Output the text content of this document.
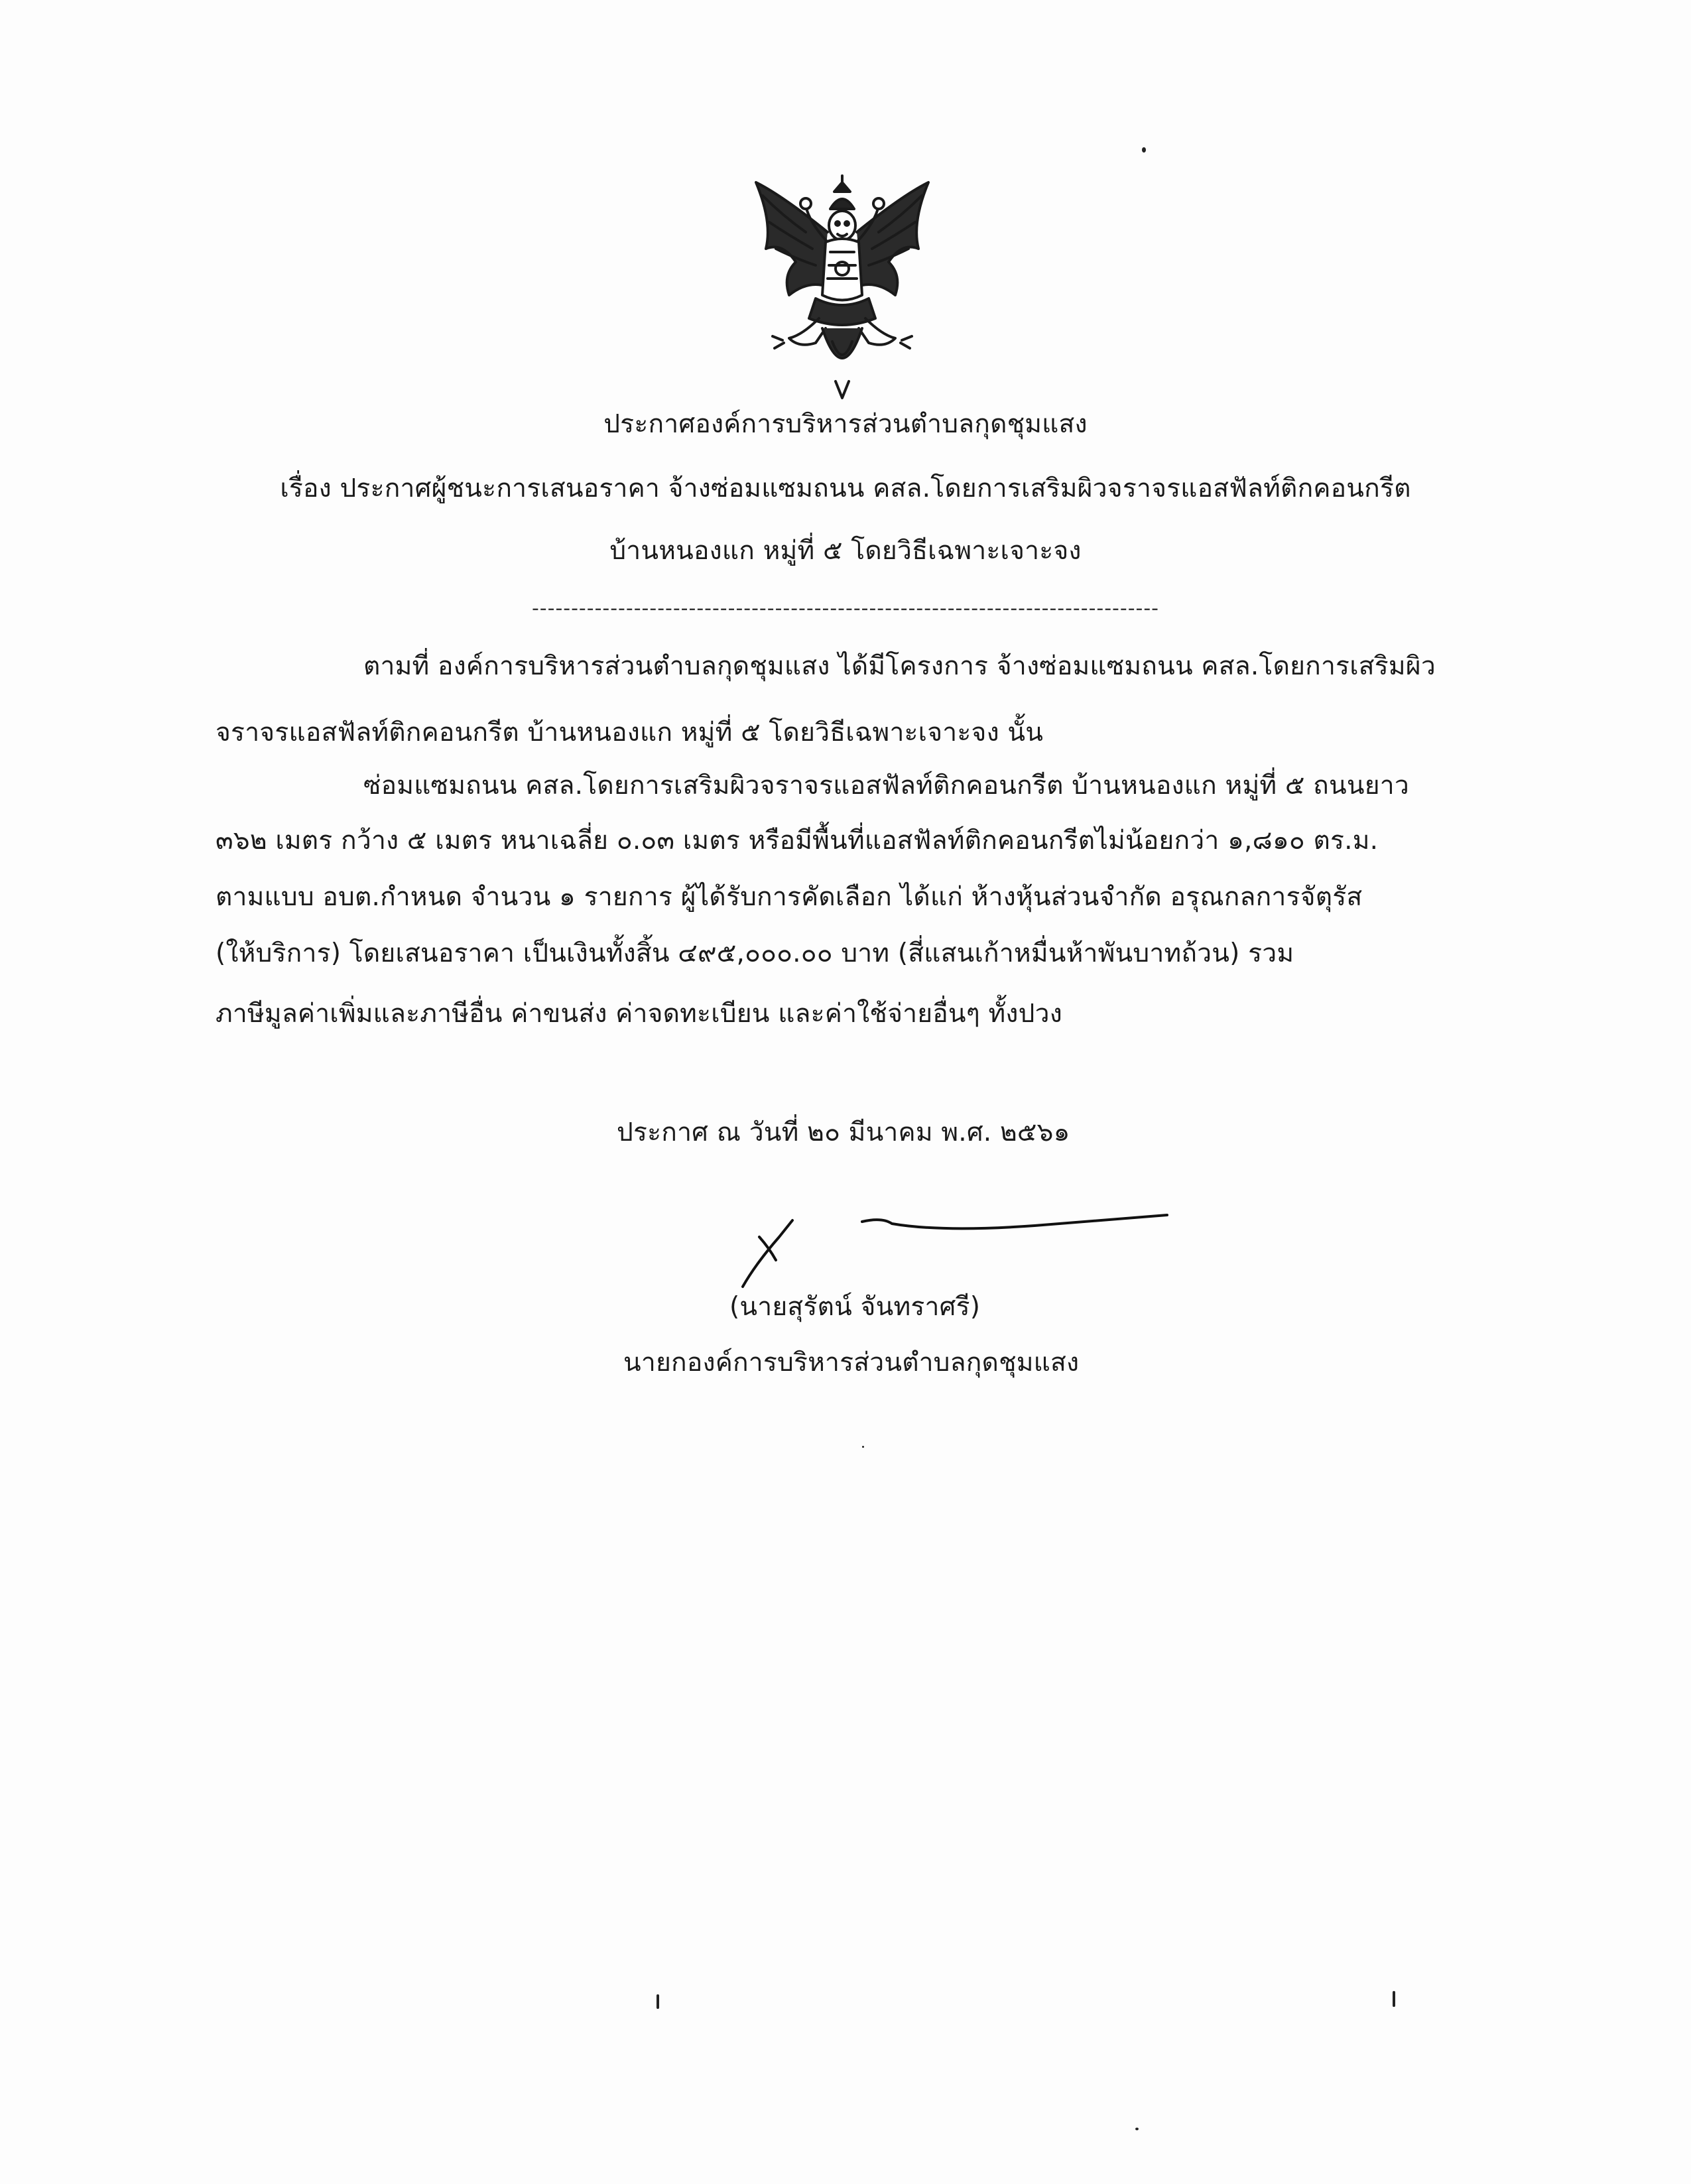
ประกาศองค์การบริหารส่วนตำบลกุดชุมแสง
เรื่อง ประกาศผู้ชนะการเสนอราคา จ้างซ่อมแซมถนน คสล.โดยการเสริมผิวจราจรแอสฟัลท์ติกคอนกรีต
บ้านหนองแก หมู่ที่ ๕ โดยวิธีเฉพาะเจาะจง
--------------------------------------------------------------------------------
ตามที่ องค์การบริหารส่วนตำบลกุดชุมแสง ได้มีโครงการ จ้างซ่อมแซมถนน คสล.โดยการเสริมผิว
จราจรแอสฟัลท์ติกคอนกรีต บ้านหนองแก หมู่ที่ ๕ โดยวิธีเฉพาะเจาะจง นั้น
ซ่อมแซมถนน คสล.โดยการเสริมผิวจราจรแอสฟัลท์ติกคอนกรีต บ้านหนองแก หมู่ที่ ๕ ถนนยาว
๓๖๒ เมตร กว้าง ๕ เมตร หนาเฉลี่ย ๐.๐๓ เมตร หรือมีพื้นที่แอสฟัลท์ติกคอนกรีตไม่น้อยกว่า ๑,๘๑๐ ตร.ม.
ตามแบบ อบต.กำหนด จำนวน ๑ รายการ ผู้ได้รับการคัดเลือก ได้แก่ ห้างหุ้นส่วนจำกัด อรุณกลการจัตุรัส
(ให้บริการ) โดยเสนอราคา เป็นเงินทั้งสิ้น ๔๙๕,๐๐๐.๐๐ บาท (สี่แสนเก้าหมื่นห้าพันบาทถ้วน) รวม
ภาษีมูลค่าเพิ่มและภาษีอื่น ค่าขนส่ง ค่าจดทะเบียน และค่าใช้จ่ายอื่นๆ ทั้งปวง
ประกาศ ณ วันที่ ๒๐ มีนาคม พ.ศ. ๒๕๖๑
(นายสุรัตน์ จันทราศรี)
นายกองค์การบริหารส่วนตำบลกุดชุมแสง
